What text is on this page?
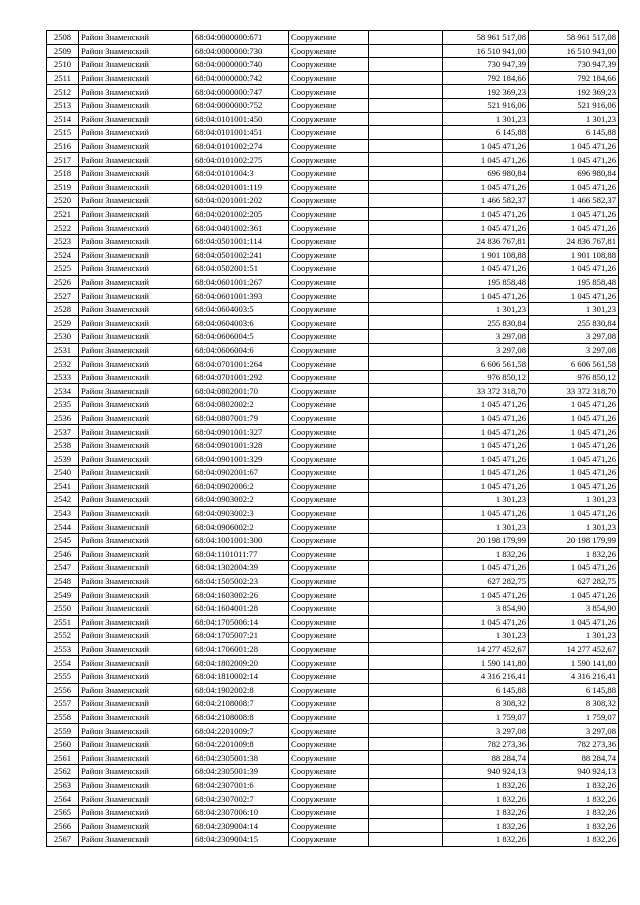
2508	Район Знаменский	68:04:0000000:671	Сооружение		58 961 517,08	58 961 517,08
2509	Район Знаменский	68:04:0000000:730	Сооружение		16 510 941,00	16 510 941,00
2510	Район Знаменский	68:04:0000000:740	Сооружение		730 947,39	730 947,39
2511	Район Знаменский	68:04:0000000:742	Сооружение		792 184,66	792 184,66
2512	Район Знаменский	68:04:0000000:747	Сооружение		192 369,23	192 369,23
2513	Район Знаменский	68:04:0000000:752	Сооружение		521 916,06	521 916,06
2514	Район Знаменский	68:04:0101001:450	Сооружение		1 301,23	1 301,23
2515	Район Знаменский	68:04:0101001:451	Сооружение		6 145,88	6 145,88
2516	Район Знаменский	68:04:0101002:274	Сооружение		1 045 471,26	1 045 471,26
2517	Район Знаменский	68:04:0101002:275	Сооружение		1 045 471,26	1 045 471,26
2518	Район Знаменский	68:04:0101004:3	Сооружение		696 980,84	696 980,84
2519	Район Знаменский	68:04:0201001:119	Сооружение		1 045 471,26	1 045 471,26
2520	Район Знаменский	68:04:0201001:202	Сооружение		1 466 582,37	1 466 582,37
2521	Район Знаменский	68:04:0201002:205	Сооружение		1 045 471,26	1 045 471,26
2522	Район Знаменский	68:04:0401002:361	Сооружение		1 045 471,26	1 045 471,26
2523	Район Знаменский	68:04:0501001:114	Сооружение		24 836 767,81	24 836 767,81
2524	Район Знаменский	68:04:0501002:241	Сооружение		1 901 108,88	1 901 108,88
2525	Район Знаменский	68:04:0502001:51	Сооружение		1 045 471,26	1 045 471,26
2526	Район Знаменский	68:04:0601001:267	Сооружение		195 858,48	195 858,48
2527	Район Знаменский	68:04:0601001:393	Сооружение		1 045 471,26	1 045 471,26
2528	Район Знаменский	68:04:0604003:5	Сооружение		1 301,23	1 301,23
2529	Район Знаменский	68:04:0604003:6	Сооружение		255 830,84	255 830,84
2530	Район Знаменский	68:04:0606004:5	Сооружение		3 297,08	3 297,08
2531	Район Знаменский	68:04:0606004:6	Сооружение		3 297,08	3 297,08
2532	Район Знаменский	68:04:0701001:264	Сооружение		6 606 561,58	6 606 561,58
2533	Район Знаменский	68:04:0701001:292	Сооружение		976 850,12	976 850,12
2534	Район Знаменский	68:04:0802001:70	Сооружение		33 372 318,70	33 372 318,70
2535	Район Знаменский	68:04:0802002:2	Сооружение		1 045 471,26	1 045 471,26
2536	Район Знаменский	68:04:0807001:79	Сооружение		1 045 471,26	1 045 471,26
2537	Район Знаменский	68:04:0901001:327	Сооружение		1 045 471,26	1 045 471,26
2538	Район Знаменский	68:04:0901001:328	Сооружение		1 045 471,26	1 045 471,26
2539	Район Знаменский	68:04:0901001:329	Сооружение		1 045 471,26	1 045 471,26
2540	Район Знаменский	68:04:0902001:67	Сооружение		1 045 471,26	1 045 471,26
2541	Район Знаменский	68:04:0902006:2	Сооружение		1 045 471,26	1 045 471,26
2542	Район Знаменский	68:04:0903002:2	Сооружение		1 301,23	1 301,23
2543	Район Знаменский	68:04:0903002:3	Сооружение		1 045 471,26	1 045 471,26
2544	Район Знаменский	68:04:0906002:2	Сооружение		1 301,23	1 301,23
2545	Район Знаменский	68:04:1001001:300	Сооружение		20 198 179,99	20 198 179,99
2546	Район Знаменский	68:04:1101011:77	Сооружение		1 832,26	1 832,26
2547	Район Знаменский	68:04:1302004:39	Сооружение		1 045 471,26	1 045 471,26
2548	Район Знаменский	68:04:1505002:23	Сооружение		627 282,75	627 282,75
2549	Район Знаменский	68:04:1603002:26	Сооружение		1 045 471,26	1 045 471,26
2550	Район Знаменский	68:04:1604001:28	Сооружение		3 854,90	3 854,90
2551	Район Знаменский	68:04:1705006:14	Сооружение		1 045 471,26	1 045 471,26
2552	Район Знаменский	68:04:1705007:21	Сооружение		1 301,23	1 301,23
2553	Район Знаменский	68:04:1706001:28	Сооружение		14 277 452,67	14 277 452,67
2554	Район Знаменский	68:04:1802009:20	Сооружение		1 590 141,80	1 590 141,80
2555	Район Знаменский	68:04:1810002:14	Сооружение		4 316 216,41	4 316 216,41
2556	Район Знаменский	68:04:1902002:8	Сооружение		6 145,88	6 145,88
2557	Район Знаменский	68:04:2108008:7	Сооружение		8 308,32	8 308,32
2558	Район Знаменский	68:04:2108008:8	Сооружение		1 759,07	1 759,07
2559	Район Знаменский	68:04:2201009:7	Сооружение		3 297,08	3 297,08
2560	Район Знаменский	68:04:2201009:8	Сооружение		782 273,36	782 273,36
2561	Район Знаменский	68:04:2305001:38	Сооружение		88 284,74	88 284,74
2562	Район Знаменский	68:04:2305001:39	Сооружение		940 924,13	940 924,13
2563	Район Знаменский	68:04:2307001:6	Сооружение		1 832,26	1 832,26
2564	Район Знаменский	68:04:2307002:7	Сооружение		1 832,26	1 832,26
2565	Район Знаменский	68:04:2307006:10	Сооружение		1 832,26	1 832,26
2566	Район Знаменский	68:04:2309004:14	Сооружение		1 832,26	1 832,26
2567	Район Знаменский	68:04:2309004:15	Сооружение		1 832,26	1 832,26
